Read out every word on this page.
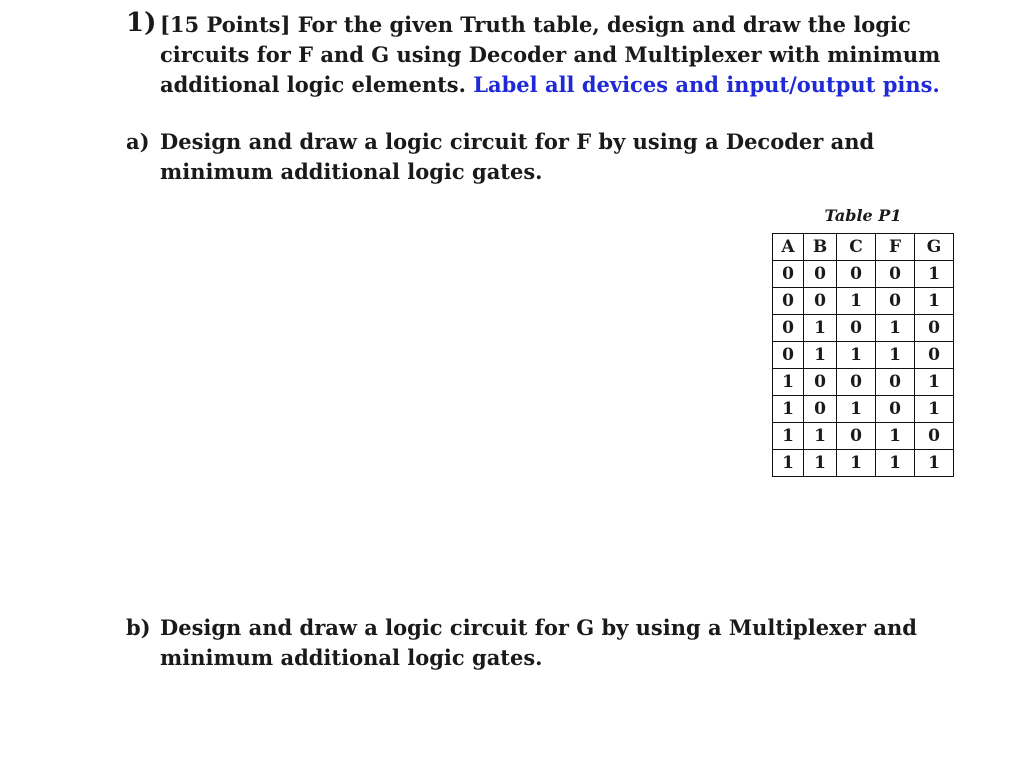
1) [15 Points] For the given Truth table, design and draw the logic circuits for F and G using Decoder and Multiplexer with minimum additional logic elements. Label all devices and input/output pins.
a) Design and draw a logic circuit for F by using a Decoder and minimum additional logic gates.
Table P1
A	B	C	F	G
0	0	0	0	1
0	0	1	0	1
0	1	0	1	0
0	1	1	1	0
1	0	0	0	1
1	0	1	0	1
1	1	0	1	0
1	1	1	1	1
b) Design and draw a logic circuit for G by using a Multiplexer and minimum additional logic gates.
